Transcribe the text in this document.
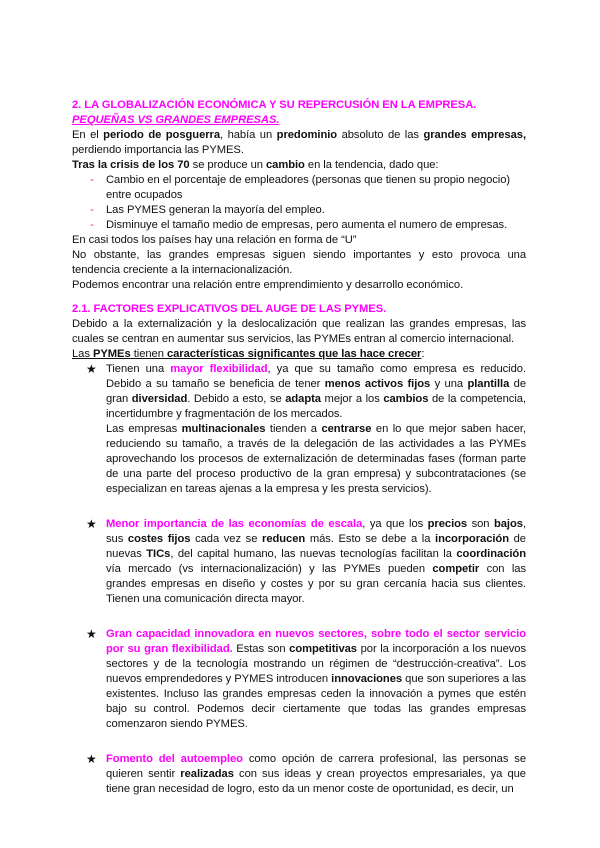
2. LA GLOBALIZACIÓN ECONÓMICA Y SU REPERCUSIÓN EN LA EMPRESA.

PEQUEÑAS VS GRANDES EMPRESAS.

En el periodo de posguerra, había un predominio absoluto de las grandes empresas, perdiendo importancia las PYMES.

Tras la crisis de los 70 se produce un cambio en la tendencia, dado que:

- Cambio en el porcentaje de empleadores (personas que tienen su propio negocio) entre ocupados
- Las PYMES generan la mayoría del empleo.
- Disminuye el tamaño medio de empresas, pero aumenta el numero de empresas.

En casi todos los países hay una relación en forma de “U”

No obstante, las grandes empresas siguen siendo importantes y esto provoca una tendencia creciente a la internacionalización.

Podemos encontrar una relación entre emprendimiento y desarrollo económico.

2.1. FACTORES EXPLICATIVOS DEL AUGE DE LAS PYMES.

Debido a la externalización y la deslocalización que realizan las grandes empresas, las cuales se centran en aumentar sus servicios, las PYMEs entran al comercio internacional.

Las PYMEs tienen características significantes que las hace crecer:

★ Tienen una mayor flexibilidad, ya que su tamaño como empresa es reducido. Debido a su tamaño se beneficia de tener menos activos fijos y una plantilla de gran diversidad. Debido a esto, se adapta mejor a los cambios de la competencia, incertidumbre y fragmentación de los mercados.

Las empresas multinacionales tienden a centrarse en lo que mejor saben hacer, reduciendo su tamaño, a través de la delegación de las actividades a las PYMEs aprovechando los procesos de externalización de determinadas fases (forman parte de una parte del proceso productivo de la gran empresa) y subcontrataciones (se especializan en tareas ajenas a la empresa y les presta servicios).

★ Menor importancia de las economías de escala, ya que los precios son bajos, sus costes fijos cada vez se reducen más. Esto se debe a la incorporación de nuevas TICs, del capital humano, las nuevas tecnologías facilitan la coordinación vía mercado (vs internacionalización) y las PYMEs pueden competir con las grandes empresas en diseño y costes y por su gran cercanía hacia sus clientes. Tienen una comunicación directa mayor.

★ Gran capacidad innovadora en nuevos sectores, sobre todo el sector servicio por su gran flexibilidad. Estas son competitivas por la incorporación a los nuevos sectores y de la tecnología mostrando un régimen de “destrucción-creativa”. Los nuevos emprendedores y PYMES introducen innovaciones que son superiores a las existentes. Incluso las grandes empresas ceden la innovación a pymes que estén bajo su control. Podemos decir ciertamente que todas las grandes empresas comenzaron siendo PYMES.

★ Fomento del autoempleo como opción de carrera profesional, las personas se quieren sentir realizadas con sus ideas y crean proyectos empresariales, ya que tiene gran necesidad de logro, esto da un menor coste de oportunidad, es decir, un
